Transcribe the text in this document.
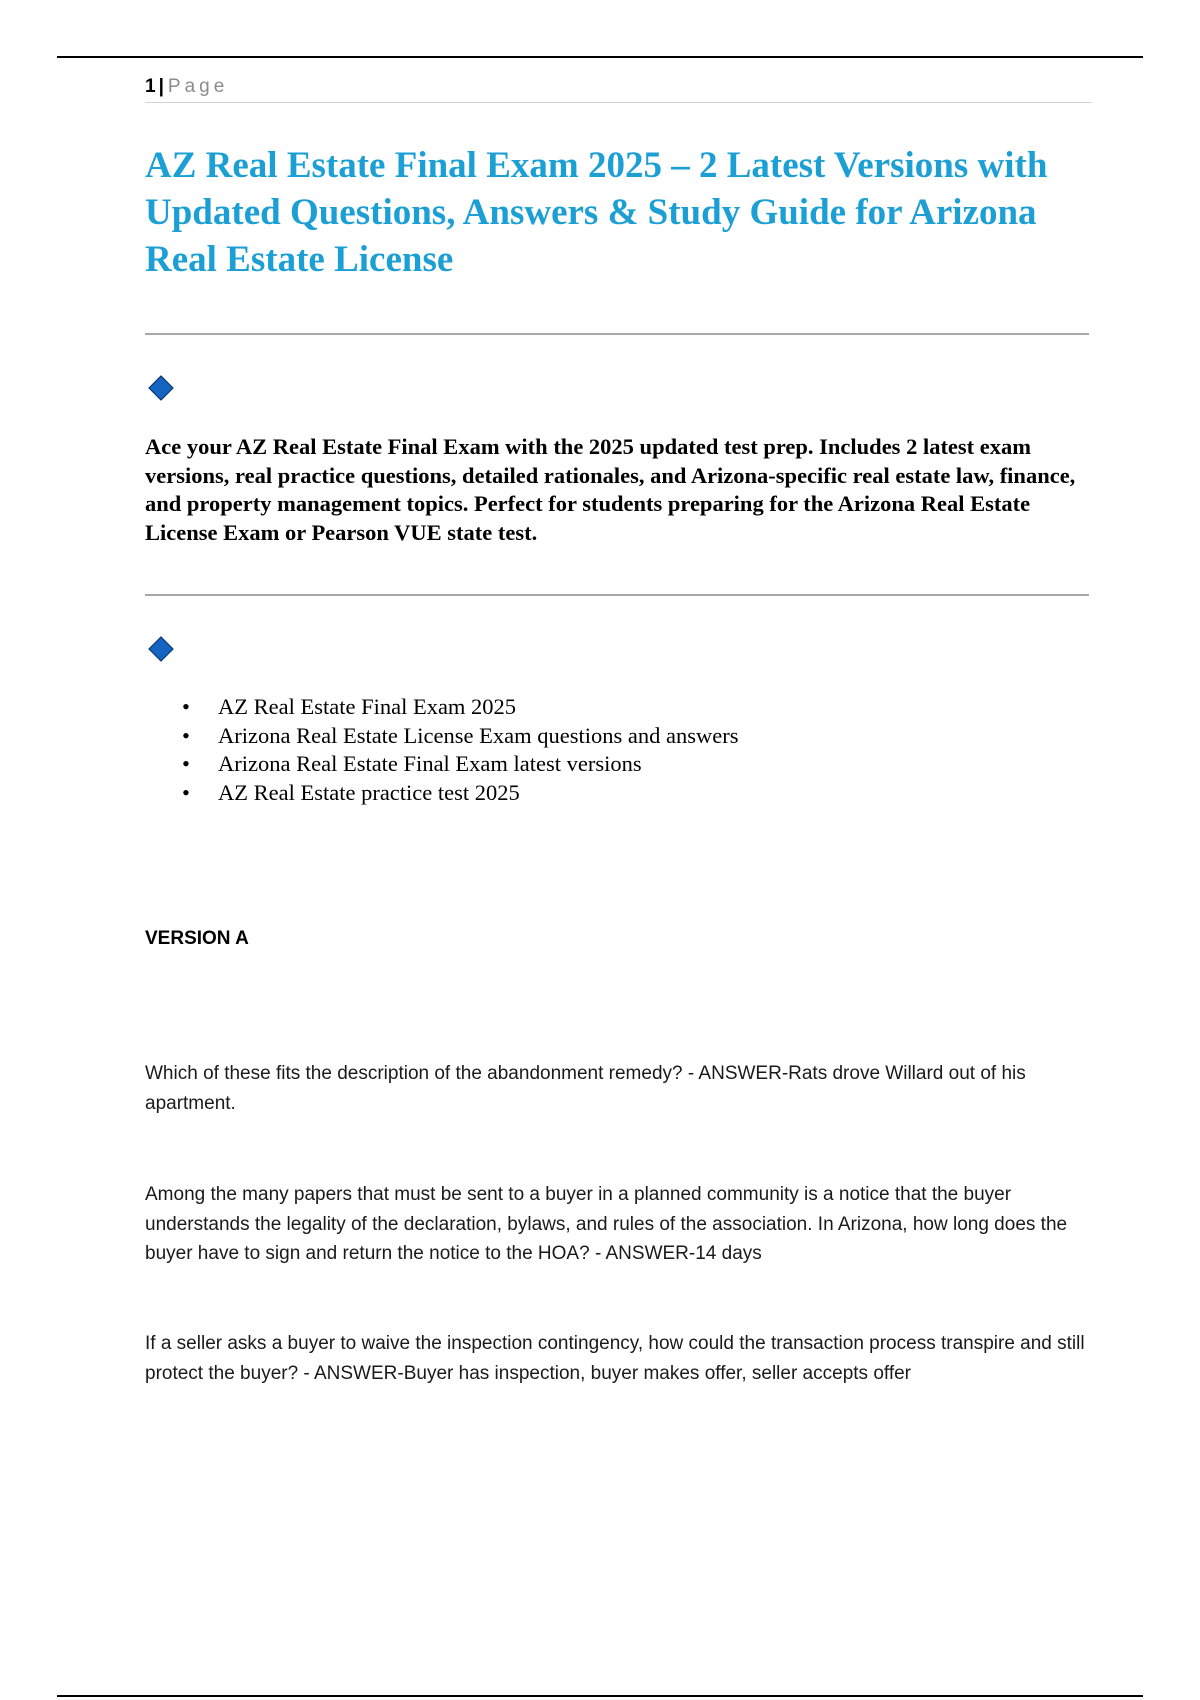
1 | Page
AZ Real Estate Final Exam 2025 – 2 Latest Versions with Updated Questions, Answers & Study Guide for Arizona Real Estate License

Ace your AZ Real Estate Final Exam with the 2025 updated test prep. Includes 2 latest exam versions, real practice questions, detailed rationales, and Arizona-specific real estate law, finance, and property management topics. Perfect for students preparing for the Arizona Real Estate License Exam or Pearson VUE state test.

• AZ Real Estate Final Exam 2025
• Arizona Real Estate License Exam questions and answers
• Arizona Real Estate Final Exam latest versions
• AZ Real Estate practice test 2025
VERSION A

Which of these fits the description of the abandonment remedy? - ANSWER-Rats drove Willard out of his apartment.

Among the many papers that must be sent to a buyer in a planned community is a notice that the buyer understands the legality of the declaration, bylaws, and rules of the association. In Arizona, how long does the buyer have to sign and return the notice to the HOA? - ANSWER-14 days

If a seller asks a buyer to waive the inspection contingency, how could the transaction process transpire and still protect the buyer? - ANSWER-Buyer has inspection, buyer makes offer, seller accepts offer
